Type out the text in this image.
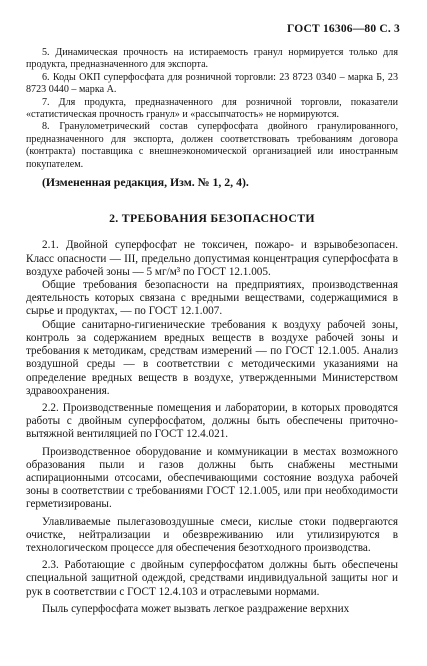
ГОСТ 16306—80 С. 3

5. Динамическая прочность на истираемость гранул нормируется только для продукта, предназначенного для экспорта.

6. Коды ОКП суперфосфата для розничной торговли: 23 8723 0340 – марка Б, 23 8723 0440 – марка А.

7. Для продукта, предназначенного для розничной торговли, показатели «статистическая прочность гранул» и «рассыпчатость» не нормируются.

8. Гранулометрический состав суперфосфата двойного гранулированного, предназначенного для экспорта, должен соответствовать требованиям договора (контракта) поставщика с внешнеэкономической организацией или иностранным покупателем.

(Измененная редакция, Изм. № 1, 2, 4).

2. ТРЕБОВАНИЯ БЕЗОПАСНОСТИ

2.1. Двойной суперфосфат не токсичен, пожаро- и взрывобезопасен. Класс опасности — III, предельно допустимая концентрация суперфосфата в воздухе рабочей зоны — 5 мг/м³ по ГОСТ 12.1.005.

Общие требования безопасности на предприятиях, производственная деятельность которых связана с вредными веществами, содержащимися в сырье и продуктах, — по ГОСТ 12.1.007.

Общие санитарно-гигиенические требования к воздуху рабочей зоны, контроль за содержанием вредных веществ в воздухе рабочей зоны и требования к методикам, средствам измерений — по ГОСТ 12.1.005. Анализ воздушной среды — в соответствии с методическими указаниями на определение вредных веществ в воздухе, утвержденными Министерством здравоохранения.

2.2. Производственные помещения и лаборатории, в которых проводятся работы с двойным суперфосфатом, должны быть обеспечены приточно-вытяжной вентиляцией по ГОСТ 12.4.021.

Производственное оборудование и коммуникации в местах возможного образования пыли и газов должны быть снабжены местными аспирационными отсосами, обеспечивающими состояние воздуха рабочей зоны в соответствии с требованиями ГОСТ 12.1.005, или при необходимости герметизированы.

Улавливаемые пылегазовоздушные смеси, кислые стоки подвергаются очистке, нейтрализации и обезвреживанию или утилизируются в технологическом процессе для обеспечения безотходного производства.

2.3. Работающие с двойным суперфосфатом должны быть обеспечены специальной защитной одеждой, средствами индивидуальной защиты ног и рук в соответствии с ГОСТ 12.4.103 и отраслевыми нормами.

Пыль суперфосфата может вызвать легкое раздражение верхних
